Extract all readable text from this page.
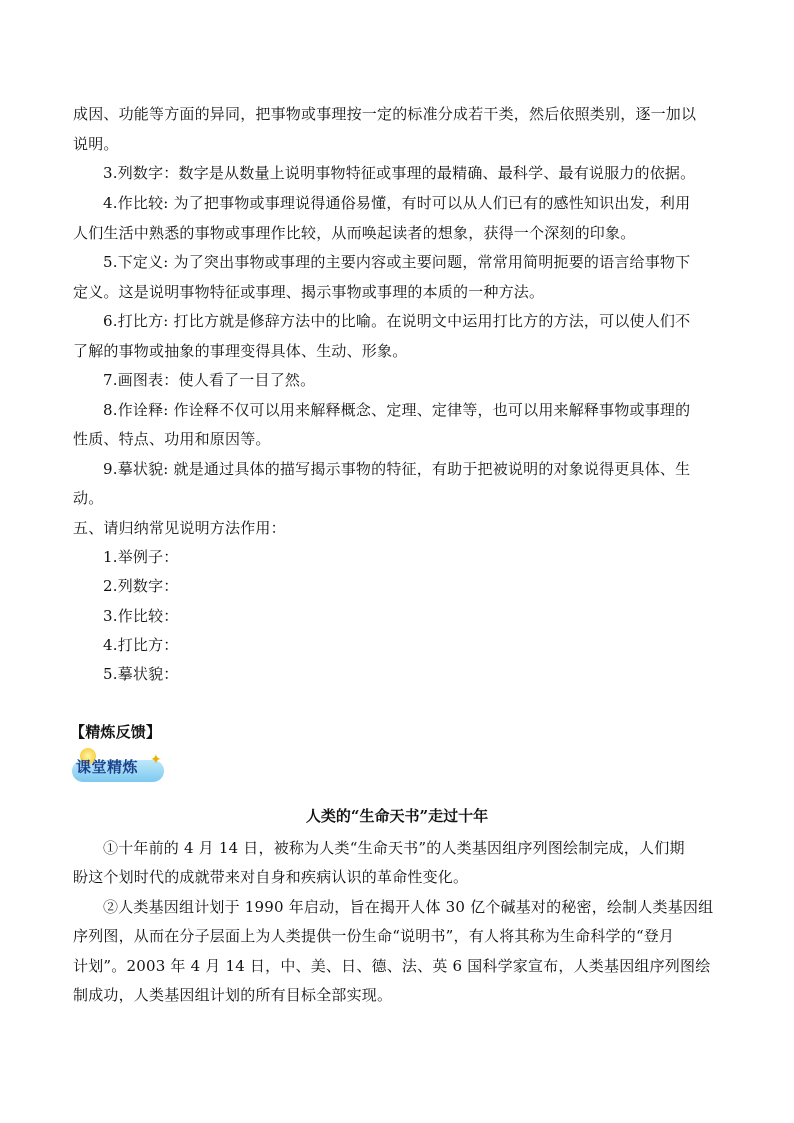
成因、功能等方面的异同，把事物或事理按一定的标准分成若干类，然后依照类别，逐一加以
说明。
3.列数字：数字是从数量上说明事物特征或事理的最精确、最科学、最有说服力的依据。
4.作比较: 为了把事物或事理说得通俗易懂，有时可以从人们已有的感性知识出发，利用
人们生活中熟悉的事物或事理作比较，从而唤起读者的想象，获得一个深刻的印象。
5.下定义: 为了突出事物或事理的主要内容或主要问题，常常用简明扼要的语言给事物下
定义。这是说明事物特征或事理、揭示事物或事理的本质的一种方法。
6.打比方: 打比方就是修辞方法中的比喻。在说明文中运用打比方的方法，可以使人们不
了解的事物或抽象的事理变得具体、生动、形象。
7.画图表：使人看了一目了然。
8.作诠释: 作诠释不仅可以用来解释概念、定理、定律等，也可以用来解释事物或事理的
性质、特点、功用和原因等。
9.摹状貌: 就是通过具体的描写揭示事物的特征，有助于把被说明的对象说得更具体、生
动。
五、请归纳常见说明方法作用：
1.举例子：
2.列数字：
3.作比较：
4.打比方：
5.摹状貌：
【精炼反馈】
课堂精炼 ✦
人类的“生命天书”走过十年
①十年前的 4 月 14 日，被称为人类“生命天书”的人类基因组序列图绘制完成，人们期
盼这个划时代的成就带来对自身和疾病认识的革命性变化。
②人类基因组计划于 1990 年启动，旨在揭开人体 30 亿个碱基对的秘密，绘制人类基因组
序列图，从而在分子层面上为人类提供一份生命“说明书”，有人将其称为生命科学的“登月
计划”。2003 年 4 月 14 日，中、美、日、德、法、英 6 国科学家宣布，人类基因组序列图绘
制成功，人类基因组计划的所有目标全部实现。
